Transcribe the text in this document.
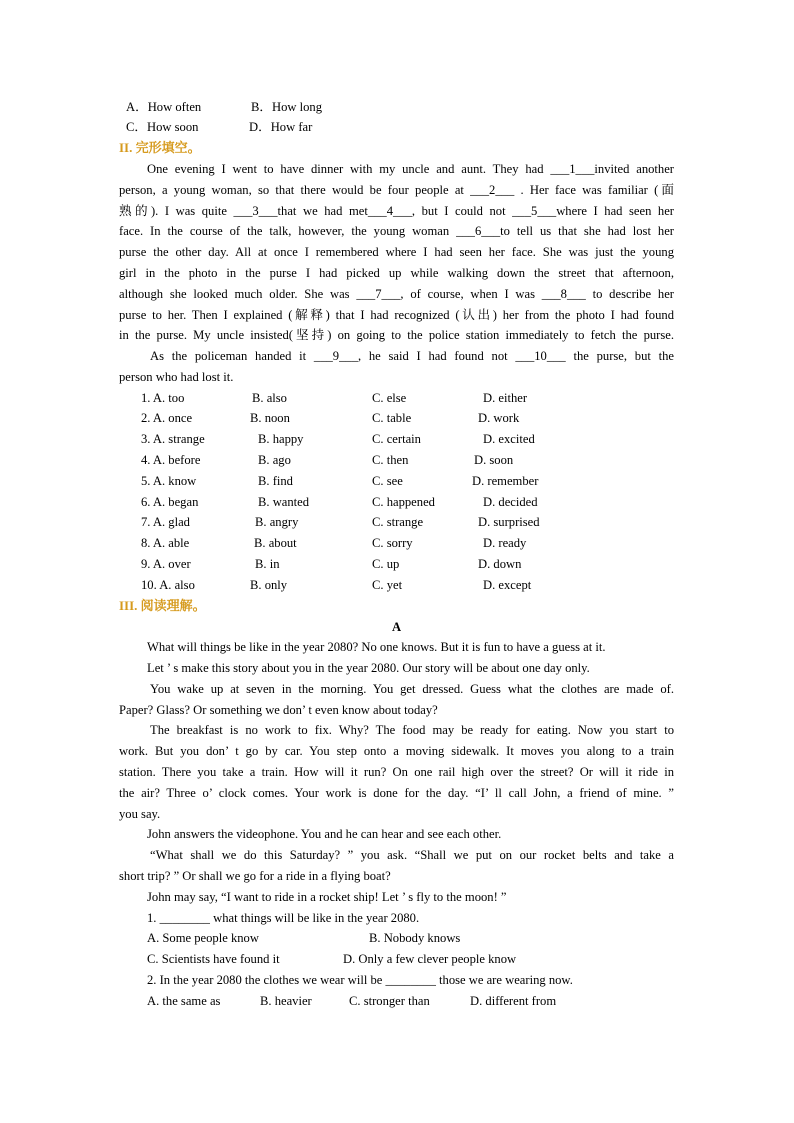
A．How often	B．How long
C．How soon	D．How far
II. 完形填空。
One evening I went to have dinner with my uncle and aunt. They had ___1___invited another
person, a young woman, so that there would be four people at ___2___ . Her face was familiar (面
熟的). I was quite ___3___that we had met___4___, but I could not ___5___where I had seen her
face. In the course of the talk, however, the young woman ___6___to tell us that she had lost her
purse the other day. All at once I remembered where I had seen her face. She was just the young
girl in the photo in the purse I had picked up while walking down the street that afternoon,
although she looked much older. She was ___7___, of course, when I was ___8___ to describe her
purse to her. Then I explained (解释) that I had recognized (认出) her from the photo I had found
in the purse. My uncle insisted(坚持) on going to the police station immediately to fetch the purse.
As the policeman handed it ___9___, he said I had found not ___10___ the purse, but the
person who had lost it.
1. A. too	B. also	C. else	D. either
2. A. once	B. noon	C. table	D. work
3. A. strange	B. happy	C. certain	D. excited
4. A. before	B. ago	C. then	D. soon
5. A. know	B. find	C. see	D. remember
6. A. began	B. wanted	C. happened	D. decided
7. A. glad	B. angry	C. strange	D. surprised
8. A. able	B. about	C. sorry	D. ready
9. A. over	B. in	C. up	D. down
10. A. also	B. only	C. yet	D. except
III. 阅读理解。
A
What will things be like in the year 2080? No one knows. But it is fun to have a guess at it.
Let ’ s make this story about you in the year 2080. Our story will be about one day only.
You wake up at seven in the morning. You get dressed. Guess what the clothes are made of.
Paper? Glass? Or something we don’ t even know about today?
The breakfast is no work to fix. Why? The food may be ready for eating. Now you start to
work. But you don’ t go by car. You step onto a moving sidewalk. It moves you along to a train
station. There you take a train. How will it run? On one rail high over the street? Or will it ride in
the air? Three o’ clock comes. Your work is done for the day. “I’ ll call John, a friend of mine. ”
you say.
John answers the videophone. You and he can hear and see each other.
“What shall we do this Saturday? ” you ask. “Shall we put on our rocket belts and take a
short trip? ” Or shall we go for a ride in a flying boat?
John may say, “I want to ride in a rocket ship! Let ’ s fly to the moon! ”
1. ________ what things will be like in the year 2080.
A. Some people know	B. Nobody knows
C. Scientists have found it	D. Only a few clever people know
2. In the year 2080 the clothes we wear will be ________ those we are wearing now.
A. the same as	B. heavier	C. stronger than	D. different from
